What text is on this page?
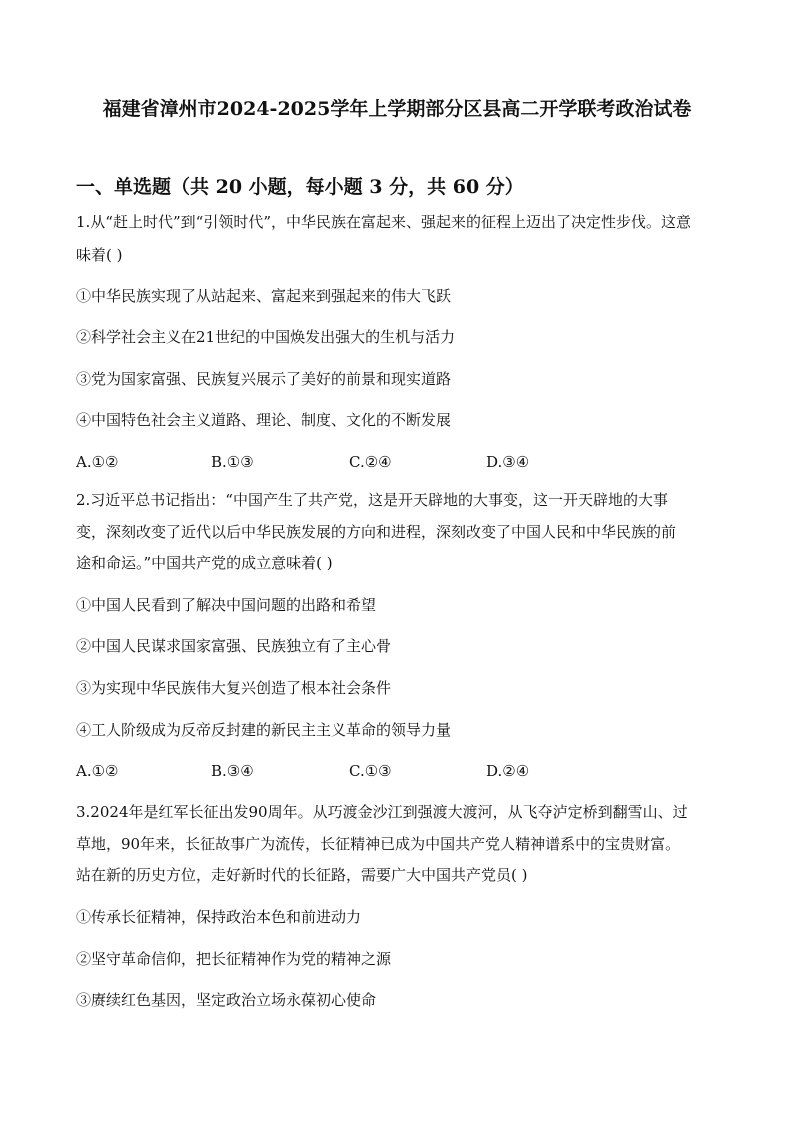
福建省漳州市2024-2025学年上学期部分区县高二开学联考政治试卷
一、单选题（共 20 小题，每小题 3 分，共 60 分）
1.从“赶上时代”到“引领时代”，中华民族在富起来、强起来的征程上迈出了决定性步伐。这意
味着( )
①中华民族实现了从站起来、富起来到强起来的伟大飞跃
②科学社会主义在21世纪的中国焕发出强大的生机与活力
③党为国家富强、民族复兴展示了美好的前景和现实道路
④中国特色社会主义道路、理论、制度、文化的不断发展
A.①②	B.①③	C.②④	D.③④
2.习近平总书记指出：“中国产生了共产党，这是开天辟地的大事变，这一开天辟地的大事
变，深刻改变了近代以后中华民族发展的方向和进程，深刻改变了中国人民和中华民族的前
途和命运。”中国共产党的成立意味着( )
①中国人民看到了解决中国问题的出路和希望
②中国人民谋求国家富强、民族独立有了主心骨
③为实现中华民族伟大复兴创造了根本社会条件
④工人阶级成为反帝反封建的新民主主义革命的领导力量
A.①②	B.③④	C.①③	D.②④
3.2024年是红军长征出发90周年。从巧渡金沙江到强渡大渡河，从飞夺泸定桥到翻雪山、过
草地，90年来，长征故事广为流传，长征精神已成为中国共产党人精神谱系中的宝贵财富。
站在新的历史方位，走好新时代的长征路，需要广大中国共产党员( )
①传承长征精神，保持政治本色和前进动力
②坚守革命信仰，把长征精神作为党的精神之源
③赓续红色基因，坚定政治立场永葆初心使命
